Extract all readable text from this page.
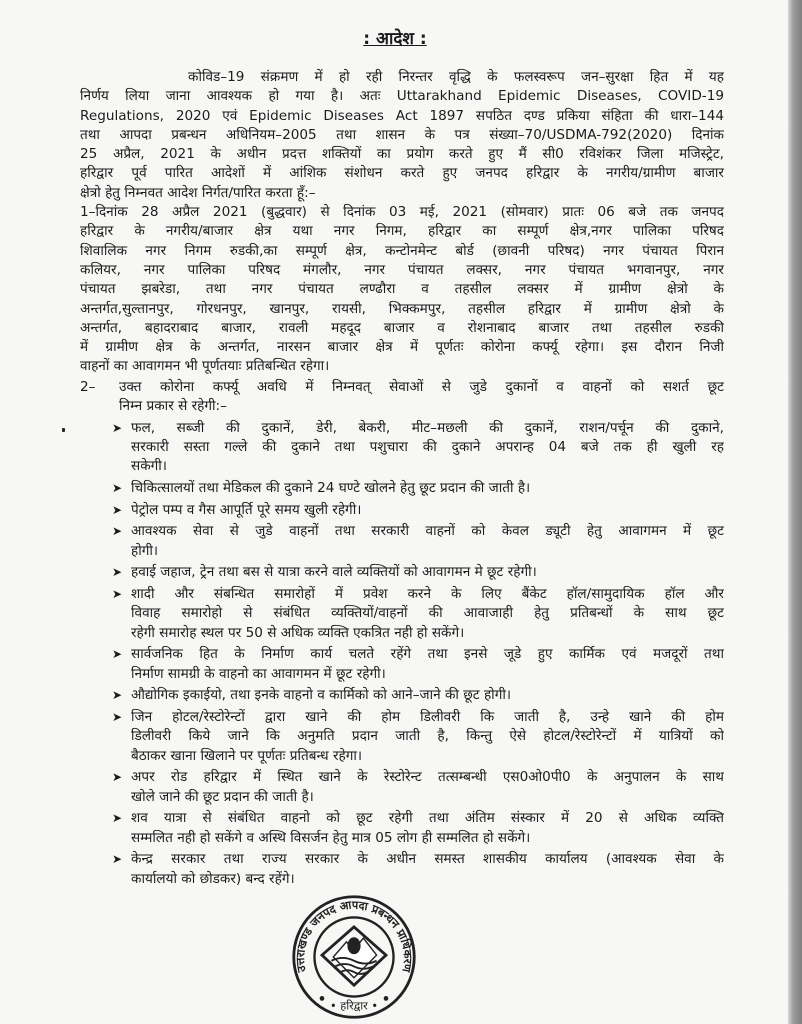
: आदेश :
कोविड–19 संक्रमण में हो रही निरन्तर वृद्धि के फलस्वरूप जन–सुरक्षा हित में यह
निर्णय लिया जाना आवश्यक हो गया है। अतः Uttarakhand Epidemic Diseases, COVID-19
Regulations, 2020 एवं Epidemic Diseases Act 1897 सपठित दण्ड प्रकिया संहिता की धारा–144
तथा आपदा प्रबन्धन अधिनियम–2005 तथा शासन के पत्र संख्या–70/USDMA-792(2020) दिनांक
25 अप्रैल, 2021 के अधीन प्रदत्त शक्तियों का प्रयोग करते हुए मैं सी0 रविशंकर जिला मजिस्ट्रेट,
हरिद्वार पूर्व पारित आदेशों में आंशिक संशोधन करते हुए जनपद हरिद्वार के नगरीय/ग्रामीण बाजार
क्षेत्रो हेतु निम्नवत आदेश निर्गत/पारित करता हूँ:–
1–दिनांक 28 अप्रैल 2021 (बुद्धवार) से दिनांक 03 मई, 2021 (सोमवार) प्रातः 06 बजे तक जनपद
हरिद्वार के नगरीय/बाजार क्षेत्र यथा नगर निगम, हरिद्वार का सम्पूर्ण क्षेत्र,नगर पालिका परिषद
शिवालिक नगर निगम रुडकी,का सम्पूर्ण क्षेत्र, कन्टोनमेन्ट बोर्ड (छावनी परिषद) नगर पंचायत पिरान
कलियर, नगर पालिका परिषद मंगलौर, नगर पंचायत लक्सर, नगर पंचायत भगवानपुर, नगर
पंचायत झबरेडा, तथा नगर पंचायत लण्ढौरा व तहसील लक्सर में ग्रामीण क्षेत्रो के
अन्तर्गत,सुल्तानपुर, गोरधनपुर, खानपुर, रायसी, भिक्कमपुर, तहसील हरिद्वार में ग्रामीण क्षेत्रो के
अन्तर्गत, बहादराबाद बाजार, रावली महदूद बाजार व रोशनाबाद बाजार तथा तहसील रुडकी
में ग्रामीण क्षेत्र के अन्तर्गत, नारसन बाजार क्षेत्र में पूर्णतः कोरोना कर्फ्यू रहेगा। इस दौरान निजी
वाहनों का आवागमन भी पूर्णतयाः प्रतिबन्धित रहेगा।
2– उक्त कोरोना कर्फ्यू अवधि में निम्नवत् सेवाओं से जुडे दुकानों व वाहनों को सशर्त छूट
निम्न प्रकार से रहेगी:–
➤ फल, सब्जी की दुकानें, डेरी, बेकरी, मीट–मछली की दुकानें, राशन/पर्चून की दुकाने,
सरकारी सस्ता गल्ले की दुकाने तथा पशुचारा की दुकाने अपरान्ह 04 बजे तक ही खुली रह
सकेगी।
➤ चिकित्सालयों तथा मेडिकल की दुकाने 24 घण्टे खोलने हेतु छूट प्रदान की जाती है।
➤ पेट्रोल पम्प व गैस आपूर्ति पूरे समय खुली रहेगी।
➤ आवश्यक सेवा से जुडे वाहनों तथा सरकारी वाहनों को केवल ड्यूटी हेतु आवागमन में छूट
होगी।
➤ हवाई जहाज, ट्रेन तथा बस से यात्रा करने वाले व्यक्तियों को आवागमन मे छूट रहेगी।
➤ शादी और संबन्धित समारोहों में प्रवेश करने के लिए बैंकेट हॉल/सामुदायिक हॉल और
विवाह समारोहो से संबंधित व्यक्तियों/वाहनों की आवाजाही हेतु प्रतिबन्धों के साथ छूट
रहेगी समारोह स्थल पर 50 से अधिक व्यक्ति एकत्रित नही हो सकेंगे।
➤ सार्वजनिक हित के निर्माण कार्य चलते रहेंगे तथा इनसे जूडे हुए कार्मिक एवं मजदूरों तथा
निर्माण सामग्री के वाहनो का आवागमन में छूट रहेगी।
➤ औद्योगिक इकाईयो, तथा इनके वाहनो व कार्मिको को आने–जाने की छूट होगी।
➤ जिन होटल/रेस्टोरेन्टों द्वारा खाने की होम डिलीवरी कि जाती है, उन्हे खाने की होम
डिलीवरी किये जाने कि अनुमति प्रदान जाती है, किन्तु ऐसे होटल/रेस्टोरेन्टों में यात्रियों को
बैठाकर खाना खिलाने पर पूर्णतः प्रतिबन्ध रहेगा।
➤ अपर रोड हरिद्वार में स्थित खाने के रेस्टोरेन्ट तत्सम्बन्धी एस0ओ0पी0 के अनुपालन के साथ
खोले जाने की छूट प्रदान की जाती है।
➤ शव यात्रा से संबंधित वाहनो को छूट रहेगी तथा अंतिम संस्कार में 20 से अधिक व्यक्ति
सम्मलित नही हो सकेंगे व अस्थि विसर्जन हेतु मात्र 05 लोग ही सम्मलित हो सकेंगे।
➤ केन्द्र सरकार तथा राज्य सरकार के अधीन समस्त शासकीय कार्यालय (आवश्यक सेवा के
कार्यालयो को छोडकर) बन्द रहेंगे।
उत्तराखण्ड जनपद आपदा प्रबन्धन प्राधिकरण
• हरिद्वार •
